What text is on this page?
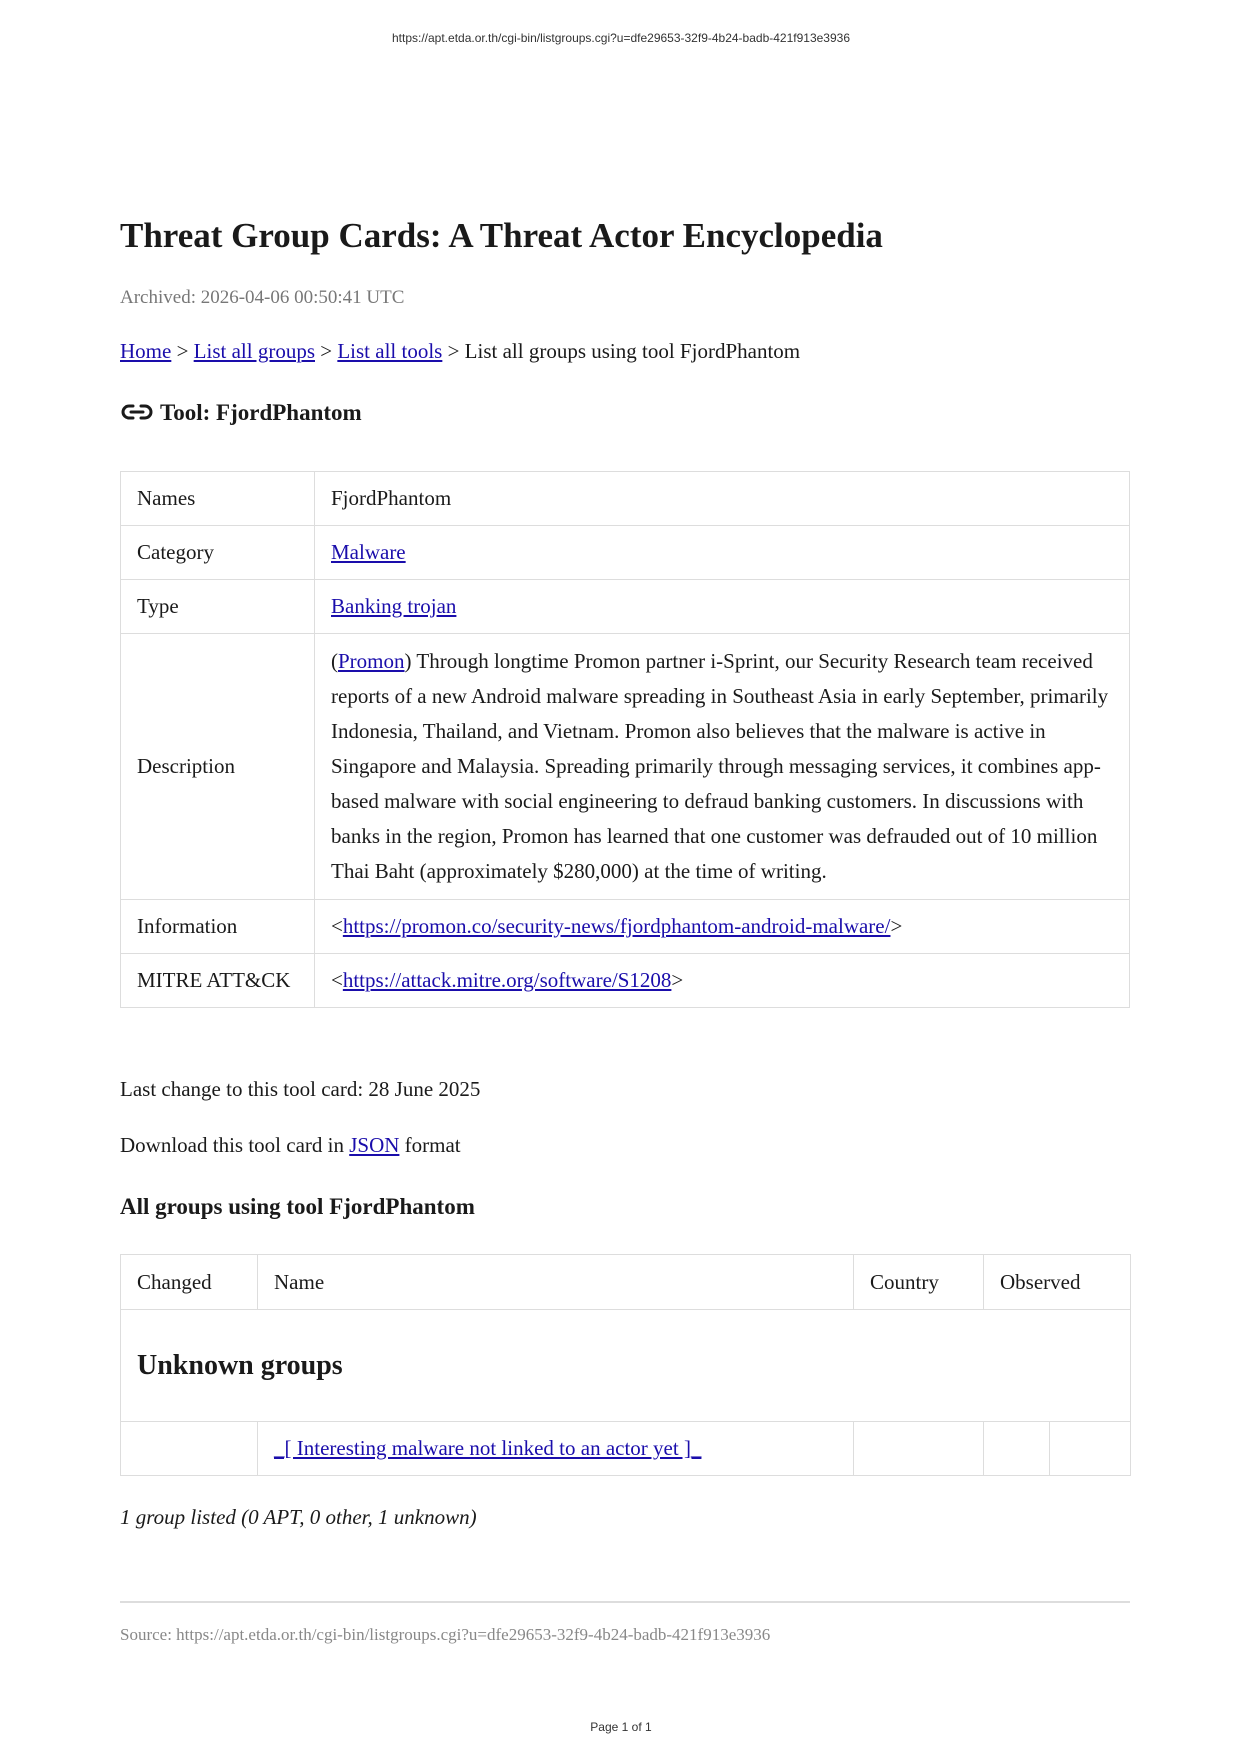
https://apt.etda.or.th/cgi-bin/listgroups.cgi?u=dfe29653-32f9-4b24-badb-421f913e3936
Threat Group Cards: A Threat Actor Encyclopedia
Archived: 2026-04-06 00:50:41 UTC
Home > List all groups > List all tools > List all groups using tool FjordPhantom
Tool: FjordPhantom
Names	FjordPhantom
Category	Malware
Type	Banking trojan
Description	(Promon) Through longtime Promon partner i-Sprint, our Security Research team received reports of a new Android malware spreading in Southeast Asia in early September, primarily Indonesia, Thailand, and Vietnam. Promon also believes that the malware is active in Singapore and Malaysia. Spreading primarily through messaging services, it combines app-based malware with social engineering to defraud banking customers. In discussions with banks in the region, Promon has learned that one customer was defrauded out of 10 million Thai Baht (approximately $280,000) at the time of writing.
Information	<https://promon.co/security-news/fjordphantom-android-malware/>
MITRE ATT&CK	<https://attack.mitre.org/software/S1208>
Last change to this tool card: 28 June 2025
Download this tool card in JSON format
All groups using tool FjordPhantom
Changed	Name	Country	Observed	
Unknown groups				
	_[ Interesting malware not linked to an actor yet ]_			
1 group listed (0 APT, 0 other, 1 unknown)
Source: https://apt.etda.or.th/cgi-bin/listgroups.cgi?u=dfe29653-32f9-4b24-badb-421f913e3936
Page 1 of 1
